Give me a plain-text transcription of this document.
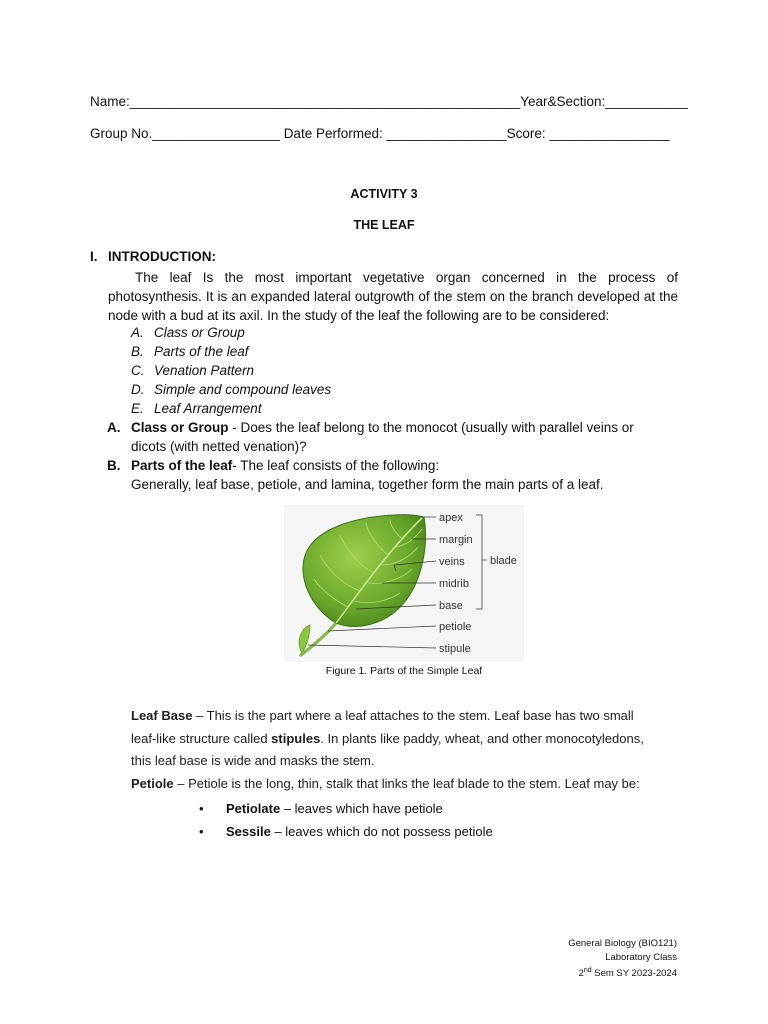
Name:____________________________________________________Year&Section:___________
Group No._________________ Date Performed: ________________Score: ________________
ACTIVITY 3
THE LEAF
I. INTRODUCTION:
The leaf Is the most important vegetative organ concerned in the process of photosynthesis. It is an expanded lateral outgrowth of the stem on the branch developed at the node with a bud at its axil. In the study of the leaf the following are to be considered:
A. Class or Group
B. Parts of the leaf
C. Venation Pattern
D. Simple and compound leaves
E. Leaf Arrangement
A. Class or Group - Does the leaf belong to the monocot (usually with parallel veins or
dicots (with netted venation)?
B. Parts of the leaf- The leaf consists of the following:
Generally, leaf base, petiole, and lamina, together form the main parts of a leaf.
apex
margin
veins
midrib
base
petiole
stipule
blade
Figure 1. Parts of the Simple Leaf
Leaf Base – This is the part where a leaf attaches to the stem. Leaf base has two small
leaf-like structure called stipules. In plants like paddy, wheat, and other monocotyledons,
this leaf base is wide and masks the stem.
Petiole – Petiole is the long, thin, stalk that links the leaf blade to the stem. Leaf may be:
• Petiolate – leaves which have petiole
• Sessile – leaves which do not possess petiole
General Biology (BIO121)
Laboratory Class
2nd Sem SY 2023-2024
